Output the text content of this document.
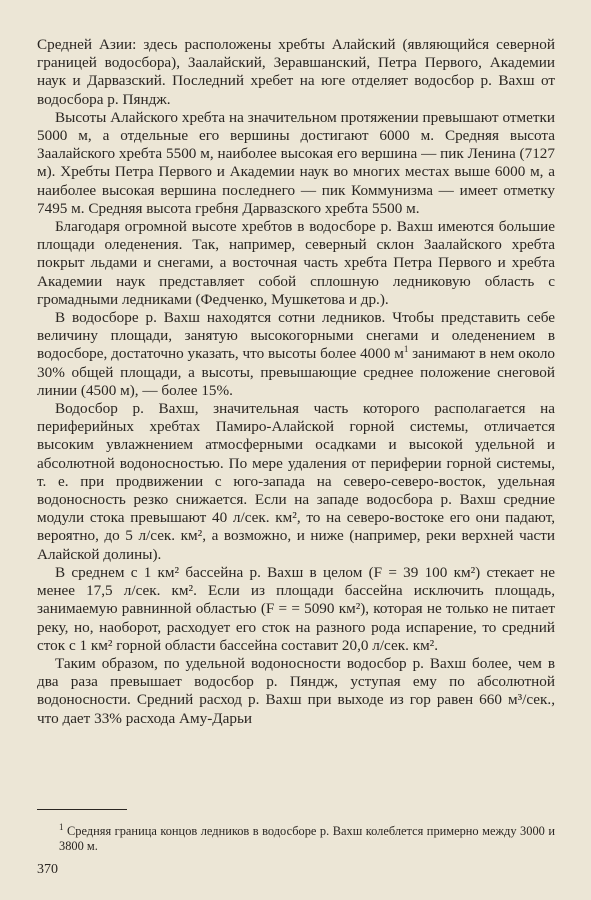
Средней Азии: здесь расположены хребты Алайский (являющийся северной границей водосбора), Заалайский, Зеравшанский, Петра Первого, Академии наук и Дарвазский. Последний хребет на юге отделяет водосбор р. Вахш от водосбора р. Пяндж.

Высоты Алайского хребта на значительном протяжении превышают отметки 5000 м, а отдельные его вершины достигают 6000 м. Средняя высота Заалайского хребта 5500 м, наиболее высокая его вершина — пик Ленина (7127 м). Хребты Петра Первого и Академии наук во многих местах выше 6000 м, а наиболее высокая вершина последнего — пик Коммунизма — имеет отметку 7495 м. Средняя высота гребня Дарвазского хребта 5500 м.

Благодаря огромной высоте хребтов в водосборе р. Вахш имеются большие площади оледенения. Так, например, северный склон Заалайского хребта покрыт льдами и снегами, а восточная часть хребта Петра Первого и хребта Академии наук представляет собой сплошную ледниковую область с громадными ледниками (Федченко, Мушкетова и др.).

В водосборе р. Вахш находятся сотни ледников. Чтобы представить себе величину площади, занятую высокогорными снегами и оледенением в водосборе, достаточно указать, что высоты более 4000 $м^1$ занимают в нем около 30% общей площади, а высоты, превышающие среднее положение снеговой линии (4500 м), — более 15%.

Водосбор р. Вахш, значительная часть которого располагается на периферийных хребтах Памиро-Алайской горной системы, отличается высоким увлажнением атмосферными осадками и высокой удельной и абсолютной водоносностью. По мере удаления от периферии горной системы, т. е. при продвижении с юго-запада на северо-северо-восток, удельная водоносность резко снижается. Если на западе водосбора р. Вахш средние модули стока превышают 40 л/сек. км², то на северо-востоке его они падают, вероятно, до 5 л/сек. км², а возможно, и ниже (например, реки верхней части Алайской долины).

В среднем с 1 км² бассейна р. Вахш в целом (F = 39 100 км²) стекает не менее 17,5 л/сек. км². Если из площади бассейна исключить площадь, занимаемую равнинной областью (F = = 5090 км²), которая не только не питает реку, но, наоборот, расходует его сток на разного рода испарение, то средний сток с 1 км² горной области бассейна составит 20,0 л/сек. км².

Таким образом, по удельной водоносности водосбор р. Вахш более, чем в два раза превышает водосбор р. Пяндж, уступая ему по абсолютной водоносности. Средний расход р. Вахш при выходе из гор равен 660 м³/сек., что дает 33% расхода Аму-Дарьи

$^1$ Средняя граница концов ледников в водосборе р. Вахш колеблется примерно между 3000 и 3800 м.
370
